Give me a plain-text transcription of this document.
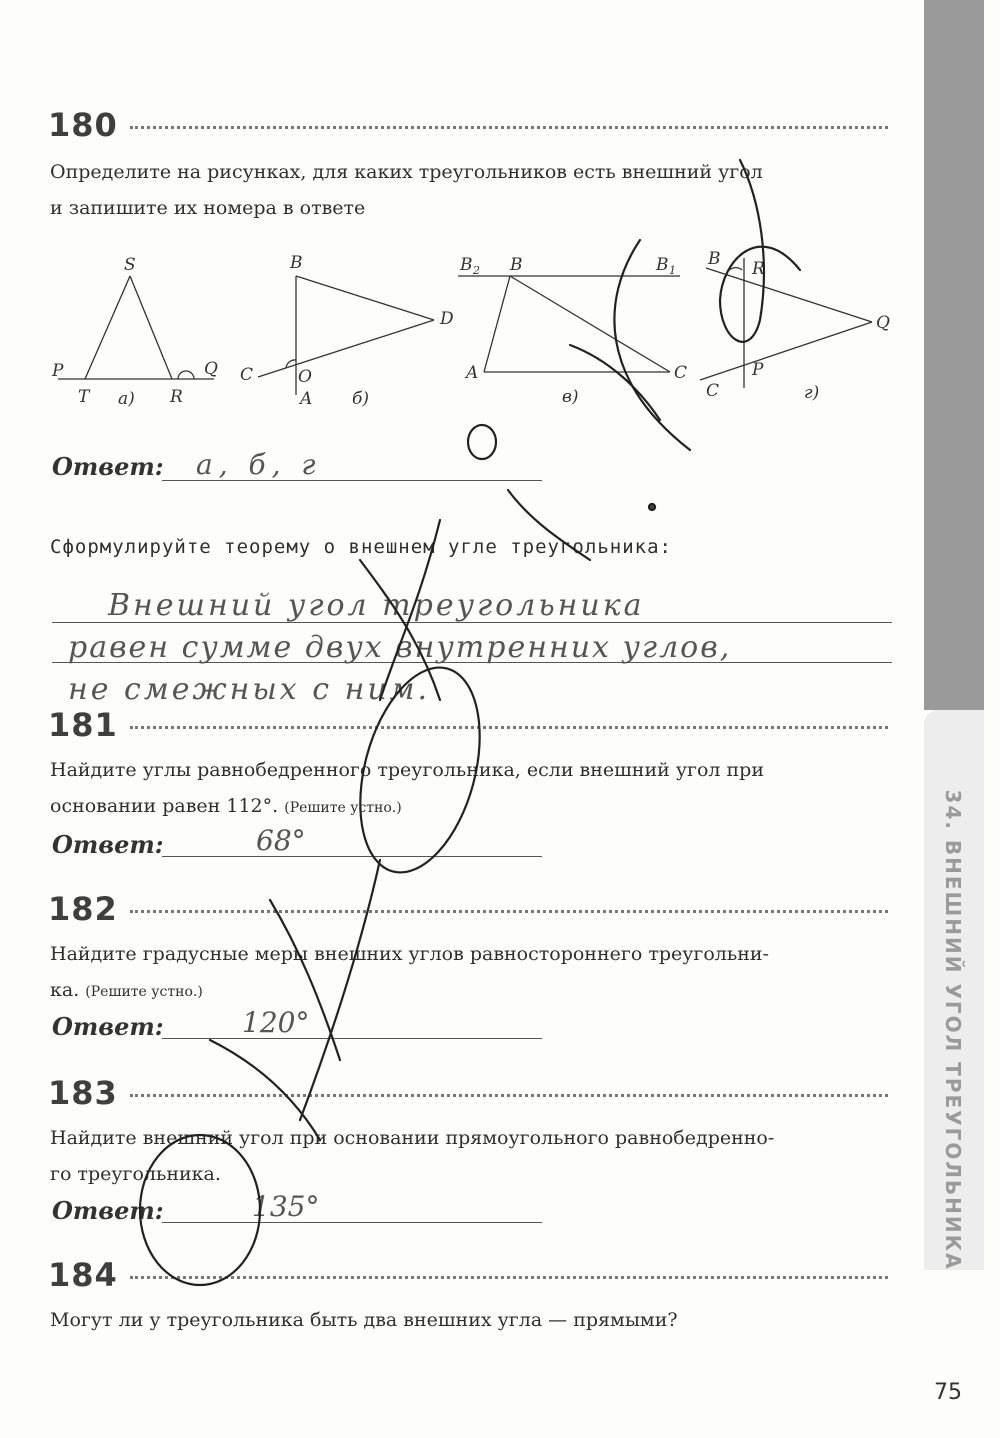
34. ВНЕШНИЙ УГОЛ ТРЕУГОЛЬНИКА
180
Определите на рисунках, для каких треугольников есть внешний угол
и запишите их номера в ответе
S
P	Q
T	R
а)
B
D
C	O
A б)
B 2 B	B 1
A	C
в)
B R
Q
P
C	г)
Ответ: а, б, г
Сформулируйте теорему о внешнем угле треугольника:
Внешний угол треугольника
равен сумме двух внутренних углов,
не смежных с ним.
181
Найдите углы равнобедренного треугольника, если внешний угол при
основании равен 112°. (Решите устно.)
Ответ:	68°
182
Найдите градусные меры внешних углов равностороннего треугольни-
ка. (Решите устно.)
Ответ:	120°
183
Найдите внешний угол при основании прямоугольного равнобедренно-
го треугольника.
Ответ:	135°
184
Могут ли у треугольника быть два внешних угла — прямыми?
75
